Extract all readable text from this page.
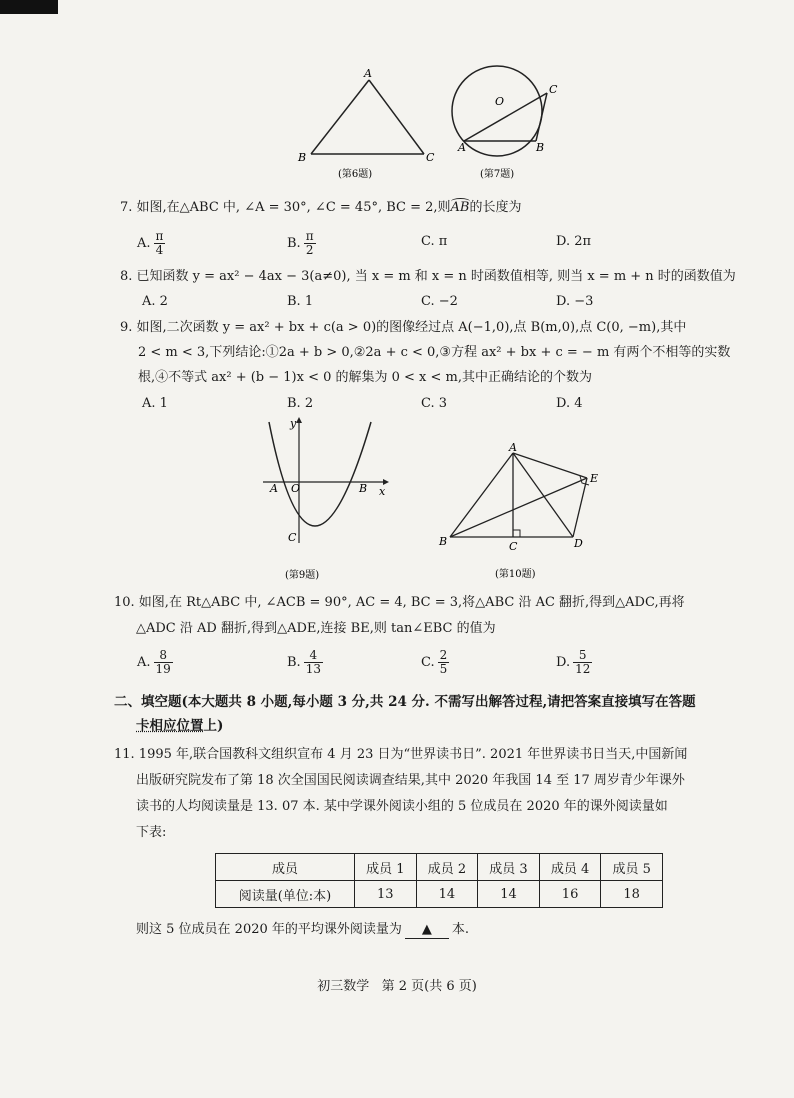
A
B	C
(第6题)
O
A	B
C
(第7题)
7. 如图,在△ABC 中, ∠A = 30°, ∠C = 45°, BC = 2,则AB
的长度为
A. $\frac{\pi}{4}$	B. $\frac{\pi}{2}$	C. π	D. 2π
8. 已知函数 y = ax² − 4ax − 3(a≠0), 当 x = m 和 x = n 时函数值相等, 则当 x = m + n 时的函数值为
A. 2	B. 1	C. −2	D. −3
9. 如图,二次函数 y = ax² + bx + c(a > 0)的图像经过点 A(−1,0),点 B(m,0),点 C(0, −m),其中
2 < m < 3,下列结论:①2a + b > 0,②2a + c < 0,③方程 ax² + bx + c = − m 有两个不相等的实数
根,④不等式 ax² + (b − 1)x < 0 的解集为 0 < x < m,其中正确结论的个数为
A. 1	B. 2	C. 3	D. 4
y
x
O
A	B
C
(第9题)
A
B	C	D
E
(第10题)
10. 如图,在 Rt△ABC 中, ∠ACB = 90°, AC = 4, BC = 3,将△ABC 沿 AC 翻折,得到△ADC,再将
△ADC 沿 AD 翻折,得到△ADE,连接 BE,则 tan∠EBC 的值为
A. $\frac{8}{19}$	B. $\frac{4}{13}$	C. $\frac{2}{5}$	D. $\frac{5}{12}$
二、填空题(本大题共 8 小题,每小题 3 分,共 24 分. 不需写出解答过程,请把答案直接填写在答题
卡相应位置上)
11. 1995 年,联合国教科文组织宣布 4 月 23 日为“世界读书日”. 2021 年世界读书日当天,中国新闻
出版研究院发布了第 18 次全国国民阅读调查结果,其中 2020 年我国 14 至 17 周岁青少年课外
读书的人均阅读量是 13. 07 本. 某中学课外阅读小组的 5 位成员在 2020 年的课外阅读量如
下表:
成员	成员 1	成员 2	成员 3	成员 4	成员 5
阅读量(单位:本)	13	14	14	16	18
则这 5 位成员在 2020 年的平均课外阅读量为 ▲ 本.
初三数学   第 2 页(共 6 页)
